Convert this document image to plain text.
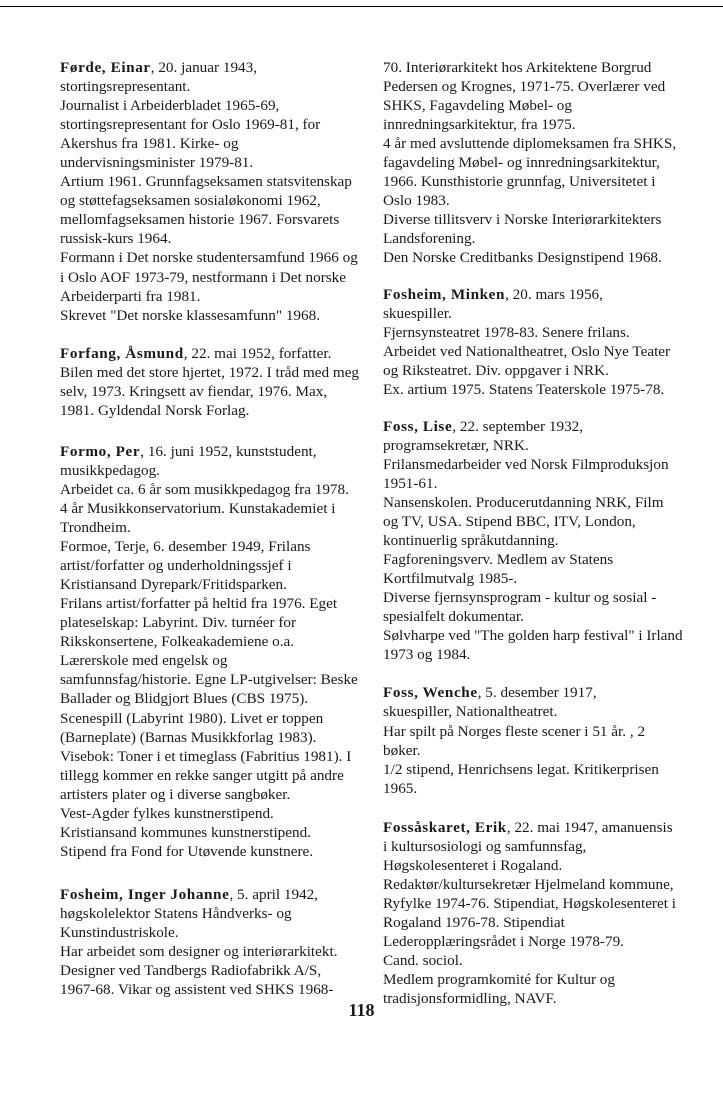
Førde, Einar, 20. januar 1943,
stortingsrepresentant.
Journalist i Arbeiderbladet 1965-69,
stortingsrepresentant for Oslo 1969-81, for
Akershus fra 1981. Kirke- og
undervisningsminister 1979-81.
Artium 1961. Grunnfagseksamen statsvitenskap
og støttefagseksamen sosialøkonomi 1962,
mellomfagseksamen historie 1967. Forsvarets
russisk-kurs 1964.
Formann i Det norske studentersamfund 1966 og
i Oslo AOF 1973-79, nestformann i Det norske
Arbeiderparti fra 1981.
Skrevet "Det norske klassesamfunn" 1968.
Forfang, Åsmund, 22. mai 1952, forfatter.
Bilen med det store hjertet, 1972. I tråd med meg
selv, 1973. Kringsett av fiendar, 1976. Max,
1981. Gyldendal Norsk Forlag.
Formo, Per, 16. juni 1952, kunststudent,
musikkpedagog.
Arbeidet ca. 6 år som musikkpedagog fra 1978.
4 år Musikkonservatorium. Kunstakademiet i
Trondheim.
Formoe, Terje, 6. desember 1949, Frilans
artist/forfatter og underholdningssjef i
Kristiansand Dyrepark/Fritidsparken.
Frilans artist/forfatter på heltid fra 1976. Eget
plateselskap: Labyrint. Div. turnéer for
Rikskonsertene, Folkeakademiene o.a.
Lærerskole med engelsk og
samfunnsfag/historie. Egne LP-utgivelser: Beske
Ballader og Blidgjort Blues (CBS 1975).
Scenespill (Labyrint 1980). Livet er toppen
(Barneplate) (Barnas Musikkforlag 1983).
Visebok: Toner i et timeglass (Fabritius 1981). I
tillegg kommer en rekke sanger utgitt på andre
artisters plater og i diverse sangbøker.
Vest-Agder fylkes kunstnerstipend.
Kristiansand kommunes kunstnerstipend.
Stipend fra Fond for Utøvende kunstnere.
Fosheim, Inger Johanne, 5. april 1942,
høgskolelektor Statens Håndverks- og
Kunstindustriskole.
Har arbeidet som designer og interiørarkitekt.
Designer ved Tandbergs Radiofabrikk A/S,
1967-68. Vikar og assistent ved SHKS 1968-
70. Interiørarkitekt hos Arkitektene Borgrud
Pedersen og Krognes, 1971-75. Overlærer ved
SHKS, Fagavdeling Møbel- og
innredningsarkitektur, fra 1975.
4 år med avsluttende diplomeksamen fra SHKS,
fagavdeling Møbel- og innredningsarkitektur,
1966. Kunsthistorie grunnfag, Universitetet i
Oslo 1983.
Diverse tillitsverv i Norske Interiørarkitekters
Landsforening.
Den Norske Creditbanks Designstipend 1968.
Fosheim, Minken, 20. mars 1956,
skuespiller.
Fjernsynsteatret 1978-83. Senere frilans.
Arbeidet ved Nationaltheatret, Oslo Nye Teater
og Riksteatret. Div. oppgaver i NRK.
Ex. artium 1975. Statens Teaterskole 1975-78.
Foss, Lise, 22. september 1932,
programsekretær, NRK.
Frilansmedarbeider ved Norsk Filmproduksjon
1951-61.
Nansenskolen. Producerutdanning NRK, Film
og TV, USA. Stipend BBC, ITV, London,
kontinuerlig språkutdanning.
Fagforeningsverv. Medlem av Statens
Kortfilmutvalg 1985-.
Diverse fjernsynsprogram - kultur og sosial -
spesialfelt dokumentar.
Sølvharpe ved "The golden harp festival" i Irland
1973 og 1984.
Foss, Wenche, 5. desember 1917,
skuespiller, Nationaltheatret.
Har spilt på Norges fleste scener i 51 år. , 2
bøker.
1/2 stipend, Henrichsens legat. Kritikerprisen
1965.
Fossåskaret, Erik, 22. mai 1947, amanuensis
i kultursosiologi og samfunnsfag,
Høgskolesenteret i Rogaland.
Redaktør/kultursekretær Hjelmeland kommune,
Ryfylke 1974-76. Stipendiat, Høgskolesenteret i
Rogaland 1976-78. Stipendiat
Lederopplæringsrådet i Norge 1978-79.
Cand. sociol.
Medlem programkomité for Kultur og
tradisjonsformidling, NAVF.
118
